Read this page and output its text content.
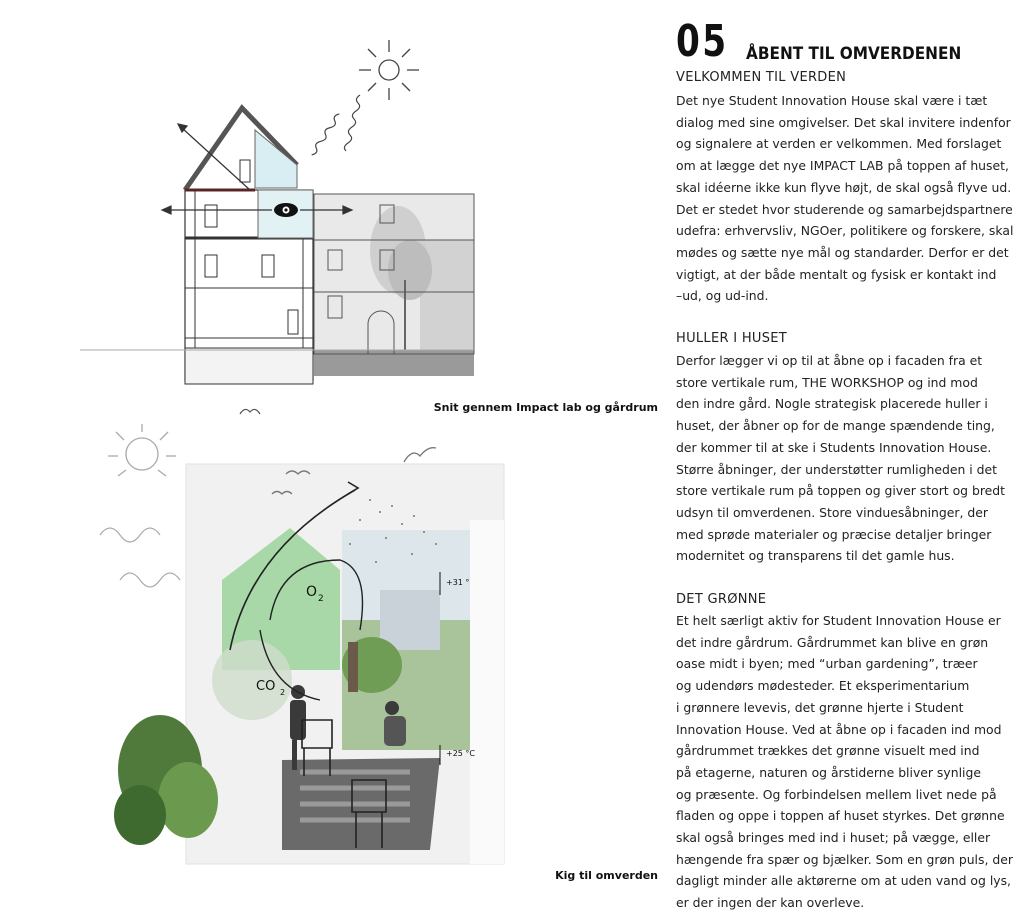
05 ÅBENT TIL OMVERDENEN
VELKOMMEN TIL VERDEN
Det nye Student Innovation House skal være i tæt
dialog med sine omgivelser. Det skal invitere indenfor
og signalere at verden er velkommen. Med forslaget
om at lægge det nye IMPACT LAB på toppen af huset,
skal idéerne ikke kun flyve højt, de skal også flyve ud.
Det er stedet hvor studerende og samarbejdspartnere
udefra: erhvervsliv, NGOer, politikere og forskere, skal
mødes og sætte nye mål og standarder. Derfor er det
vigtigt, at der både mentalt og fysisk er kontakt ind
–ud, og ud-ind.
HULLER I HUSET
Derfor lægger vi op til at åbne op i facaden fra et
store vertikale rum, THE WORKSHOP og ind mod
den indre gård. Nogle strategisk placerede huller i
huset, der åbner op for de mange spændende ting,
der kommer til at ske i Students Innovation House.
Større åbninger, der understøtter rumligheden i det
store vertikale rum på toppen og giver stort og bredt
udsyn til omverdenen. Store vinduesåbninger, der
med sprøde materialer og præcise detaljer bringer
modernitet og transparens til det gamle hus.
DET GRØNNE
Et helt særligt aktiv for Student Innovation House er
det indre gårdrum. Gårdrummet kan blive en grøn
oase midt i byen; med “urban gardening”, træer
og udendørs mødesteder. Et eksperimentarium
i grønnere levevis, det grønne hjerte i Student
Innovation House. Ved at åbne op i facaden ind mod
gårdrummet trækkes det grønne visuelt med ind
på etagerne, naturen og årstiderne bliver synlige
og præsente. Og forbindelsen mellem livet nede på
fladen og oppe i toppen af huset styrkes. Det grønne
skal også bringes med ind i huset; på vægge, eller
hængende fra spær og bjælker. Som en grøn puls, der
dagligt minder alle aktørerne om at uden vand og lys,
er der ingen der kan overleve.
Snit gennem Impact lab og gårdrum
O 2
CO 2
+31 °
+25 °C
Kig til omverden
